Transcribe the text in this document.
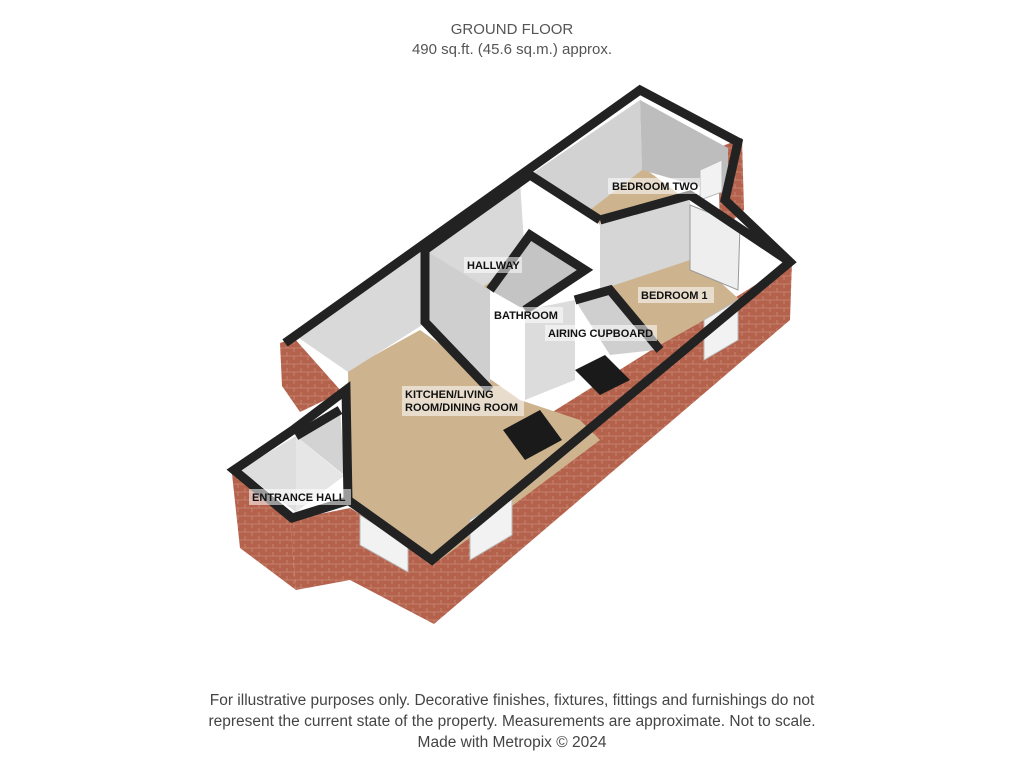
GROUND FLOOR
490 sq.ft. (45.6 sq.m.) approx.
BEDROOM TWO
HALLWAY
BEDROOM 1
BATHROOM
AIRING CUPBOARD
KITCHEN/LIVING
ROOM/DINING ROOM
ENTRANCE HALL
For illustrative purposes only. Decorative finishes, fixtures, fittings and furnishings do not
represent the current state of the property. Measurements are approximate. Not to scale.
Made with Metropix © 2024
